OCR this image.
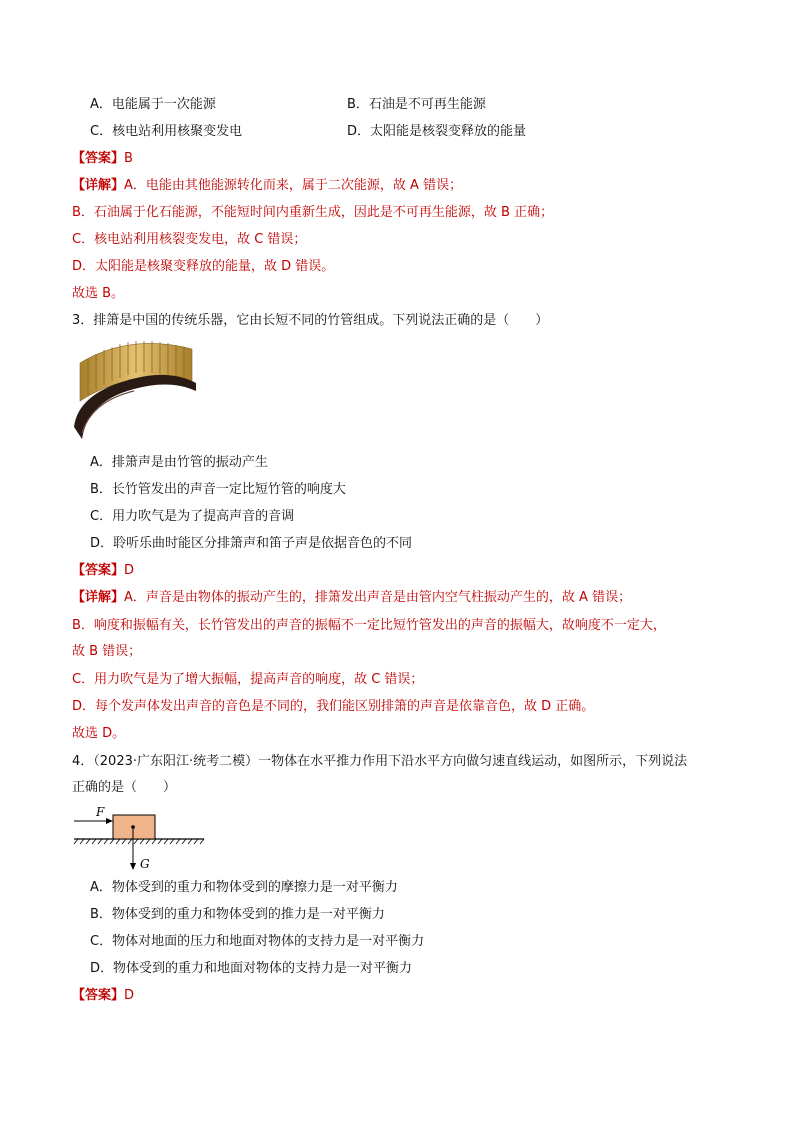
A．电能属于一次能源	B．石油是不可再生能源
C．核电站利用核聚变发电	D．太阳能是核裂变释放的能量
【答案】B
【详解】A．电能由其他能源转化而来，属于二次能源，故 A 错误；
B．石油属于化石能源，不能短时间内重新生成，因此是不可再生能源，故 B 正确；
C．核电站利用核裂变发电，故 C 错误；
D．太阳能是核聚变释放的能量，故 D 错误。
故选 B。
3．排箫是中国的传统乐器，它由长短不同的竹管组成。下列说法正确的是（　　）
A．排箫声是由竹管的振动产生
B．长竹管发出的声音一定比短竹管的响度大
C．用力吹气是为了提高声音的音调
D．聆听乐曲时能区分排箫声和笛子声是依据音色的不同
【答案】D
【详解】A．声音是由物体的振动产生的，排箫发出声音是由管内空气柱振动产生的，故 A 错误；
B．响度和振幅有关，长竹管发出的声音的振幅不一定比短竹管发出的声音的振幅大，故响度不一定大，
故 B 错误；
C．用力吹气是为了增大振幅，提高声音的响度，故 C 错误；
D．每个发声体发出声音的音色是不同的，我们能区别排箫的声音是依靠音色，故 D 正确。
故选 D。
4．（2023·广东阳江·统考二模）一物体在水平推力作用下沿水平方向做匀速直线运动，如图所示，下列说法
正确的是（　　）
F
G
A．物体受到的重力和物体受到的摩擦力是一对平衡力
B．物体受到的重力和物体受到的推力是一对平衡力
C．物体对地面的压力和地面对物体的支持力是一对平衡力
D．物体受到的重力和地面对物体的支持力是一对平衡力
【答案】D
